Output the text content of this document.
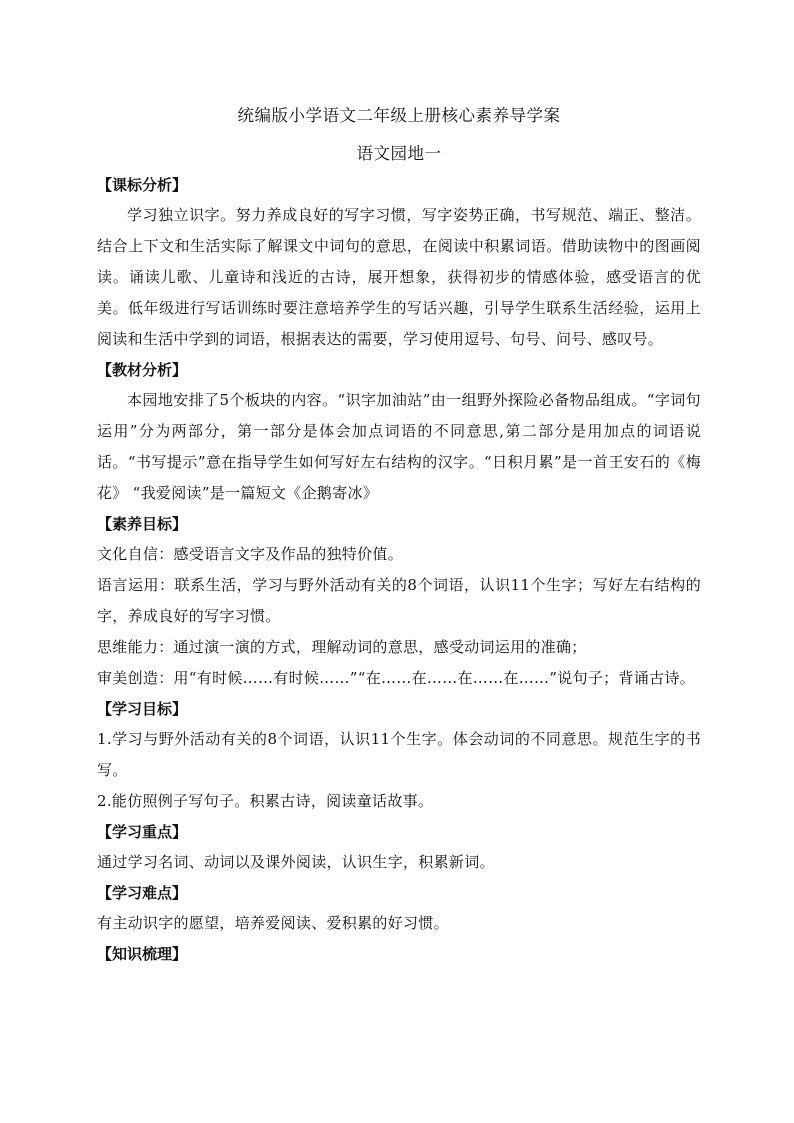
统编版小学语文二年级上册核心素养导学案
语文园地一
【课标分析】
学习独立识字。努力养成良好的写字习惯，写字姿势正确，书写规范、端正、整洁。结合上下文和生活实际了解课文中词句的意思，在阅读中积累词语。借助读物中的图画阅读。诵读儿歌、儿童诗和浅近的古诗，展开想象，获得初步的情感体验，感受语言的优美。低年级进行写话训练时要注意培养学生的写话兴趣，引导学生联系生活经验，运用上阅读和生活中学到的词语，根据表达的需要，学习使用逗号、句号、问号、感叹号。
【教材分析】
本园地安排了5个板块的内容。“识字加油站”由一组野外探险必备物品组成。“字词句运用”分为两部分，第一部分是体会加点词语的不同意思,第二部分是用加点的词语说话。“书写提示”意在指导学生如何写好左右结构的汉字。“日积月累”是一首王安石的《梅花》 “我爱阅读”是一篇短文《企鹅寄冰》
【素养目标】
文化自信：感受语言文字及作品的独特价值。
语言运用：联系生活，学习与野外活动有关的8个词语，认识11个生字；写好左右结构的字，养成良好的写字习惯。
思维能力：通过演一演的方式，理解动词的意思，感受动词运用的准确；
审美创造：用“有时候……有时候……”“在……在……在……在……”说句子；背诵古诗。
【学习目标】
1.学习与野外活动有关的8个词语，认识11个生字。体会动词的不同意思。规范生字的书写。
2.能仿照例子写句子。积累古诗，阅读童话故事。
【学习重点】
通过学习名词、动词以及课外阅读，认识生字，积累新词。
【学习难点】
有主动识字的愿望，培养爱阅读、爱积累的好习惯。
【知识梳理】
